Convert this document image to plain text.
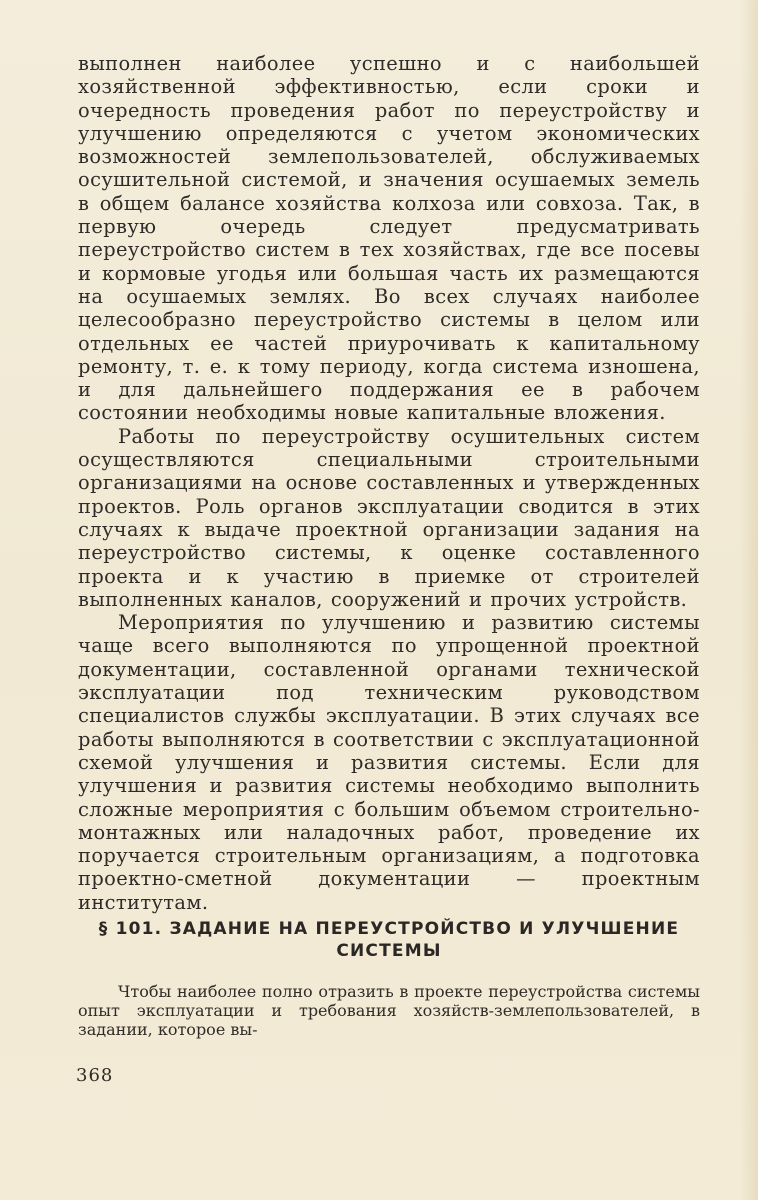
выполнен наиболее успешно и с наибольшей хозяйственной эффективностью, если сроки и очередность проведения работ по переустройству и улучшению определяются с учетом экономических возможностей землепользователей, обслуживаемых осушительной системой, и значения осушаемых земель в общем балансе хозяйства колхоза или совхоза. Так, в первую очередь следует предусматривать переустройство систем в тех хозяйствах, где все посевы и кормовые угодья или большая часть их размещаются на осушаемых землях. Во всех случаях наиболее целесообразно переустройство системы в целом или отдельных ее частей приурочивать к капитальному ремонту, т. е. к тому периоду, когда система изношена, и для дальнейшего поддержания ее в рабочем состоянии необходимы новые капитальные вложения.

Работы по переустройству осушительных систем осуществляются специальными строительными организациями на основе составленных и утвержденных проектов. Роль органов эксплуатации сводится в этих случаях к выдаче проектной организации задания на переустройство системы, к оценке составленного проекта и к участию в приемке от строителей выполненных каналов, сооружений и прочих устройств.

Мероприятия по улучшению и развитию системы чаще всего выполняются по упрощенной проектной документации, составленной органами технической эксплуатации под техническим руководством специалистов службы эксплуатации. В этих случаях все работы выполняются в соответствии с эксплуатационной схемой улучшения и развития системы. Если для улучшения и развития системы необходимо выполнить сложные мероприятия с большим объемом строительно-монтажных или наладочных работ, проведение их поручается строительным организациям, а подготовка проектно-сметной документации — проектным институтам.

§ 101. ЗАДАНИЕ НА ПЕРЕУСТРОЙСТВО И УЛУЧШЕНИЕ
СИСТЕМЫ

Чтобы наиболее полно отразить в проекте переустройства системы опыт эксплуатации и требования хозяйств-землепользователей, в задании, которое вы-

368
